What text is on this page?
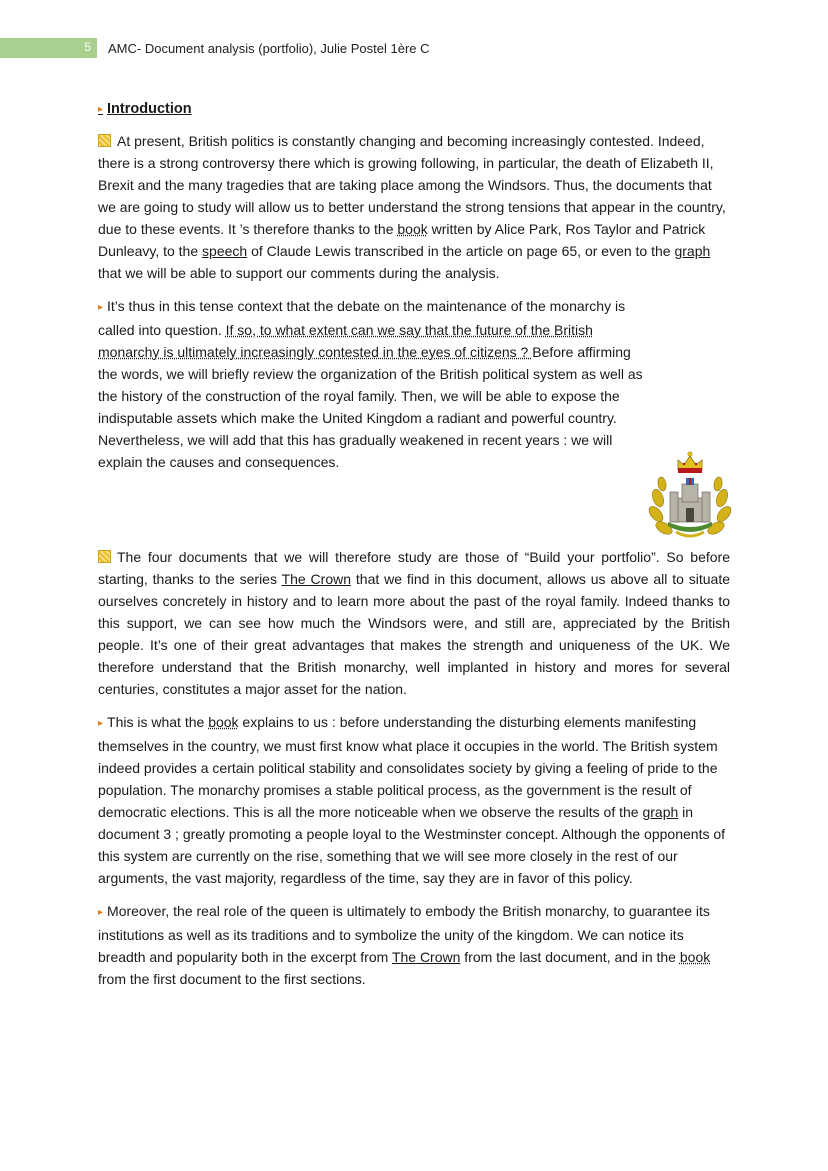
5 AMC- Document analysis (portfolio), Julie Postel 1ère C

▸ Introduction

At present, British politics is constantly changing and becoming increasingly contested. Indeed, there is a strong controversy there which is growing following, in particular, the death of Elizabeth II, Brexit and the many tragedies that are taking place among the Windsors. Thus, the documents that we are going to study will allow us to better understand the strong tensions that appear in the country, due to these events. It ’s therefore thanks to the book written by Alice Park, Ros Taylor and Patrick Dunleavy, to the speech of Claude Lewis transcribed in the article on page 65, or even to the graph that we will be able to support our comments during the analysis.

▸ It’s thus in this tense context that the debate on the maintenance of the monarchy is called into question. If so, to what extent can we say that the future of the British monarchy is ultimately increasingly contested in the eyes of citizens ? Before affirming the words, we will briefly review the organization of the British political system as well as the history of the construction of the royal family. Then, we will be able to expose the indisputable assets which make the United Kingdom a radiant and powerful country. Nevertheless, we will add that this has gradually weakened in recent years : we will explain the causes and consequences.

The four documents that we will therefore study are those of “Build your portfolio”. So before starting, thanks to the series The Crown that we find in this document, allows us above all to situate ourselves concretely in history and to learn more about the past of the royal family. Indeed thanks to this support, we can see how much the Windsors were, and still are, appreciated by the British people. It’s one of their great advantages that makes the strength and uniqueness of the UK. We therefore understand that the British monarchy, well implanted in history and mores for several centuries, constitutes a major asset for the nation.

▸ This is what the book explains to us : before understanding the disturbing elements manifesting themselves in the country, we must first know what place it occupies in the world. The British system indeed provides a certain political stability and consolidates society by giving a feeling of pride to the population. The monarchy promises a stable political process, as the government is the result of democratic elections. This is all the more noticeable when we observe the results of the graph in document 3 ; greatly promoting a people loyal to the Westminster concept. Although the opponents of this system are currently on the rise, something that we will see more closely in the rest of our arguments, the vast majority, regardless of the time, say they are in favor of this policy.

▸ Moreover, the real role of the queen is ultimately to embody the British monarchy, to guarantee its institutions as well as its traditions and to symbolize the unity of the kingdom. We can notice its breadth and popularity both in the excerpt from The Crown from the last document, and in the book from the first document to the first sections.
